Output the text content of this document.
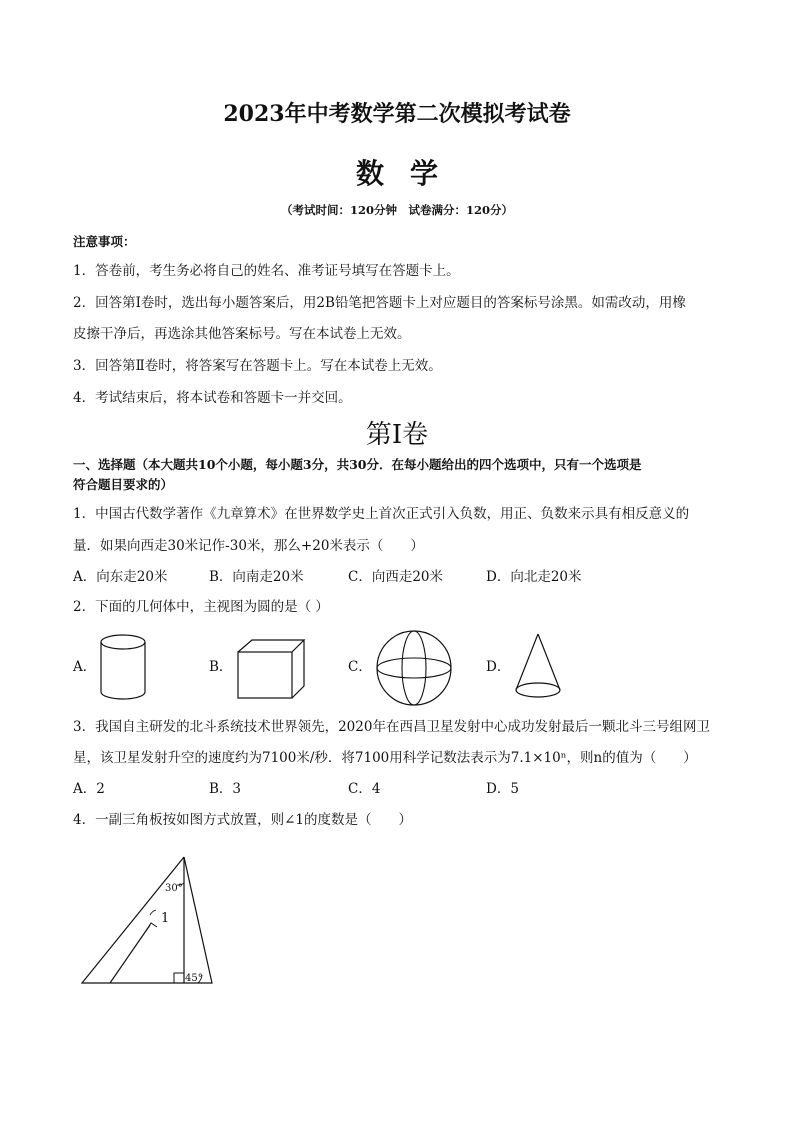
2023年中考数学第二次模拟考试卷
数学
（考试时间：120分钟　试卷满分：120分）
注意事项：
1．答卷前，考生务必将自己的姓名、准考证号填写在答题卡上。
2．回答第Ⅰ卷时，选出每小题答案后，用2B铅笔把答题卡上对应题目的答案标号涂黑。如需改动，用橡
皮擦干净后，再选涂其他答案标号。写在本试卷上无效。
3．回答第Ⅱ卷时，将答案写在答题卡上。写在本试卷上无效。
4．考试结束后，将本试卷和答题卡一并交回。
第Ⅰ卷
一、选择题（本大题共10个小题，每小题3分，共30分．在每小题给出的四个选项中，只有一个选项是
符合题目要求的）
1．中国古代数学著作《九章算术》在世界数学史上首次正式引入负数，用正、负数来示具有相反意义的
量．如果向西走30米记作-30米，那么+20米表示（　　）
A．向东走20米	B．向南走20米	C．向西走20米	D．向北走20米
2．下面的几何体中，主视图为圆的是（ ）
A．	B．	C．	D．
3．我国自主研发的北斗系统技术世界领先，2020年在西昌卫星发射中心成功发射最后一颗北斗三号组网卫
星，该卫星发射升空的速度约为7100米/秒．将7100用科学记数法表示为7.1×10ⁿ，则n的值为（　　）
A．2	B．3	C．4	D．5
4．一副三角板按如图方式放置，则∠1的度数是（　　）
30°
1
45°
